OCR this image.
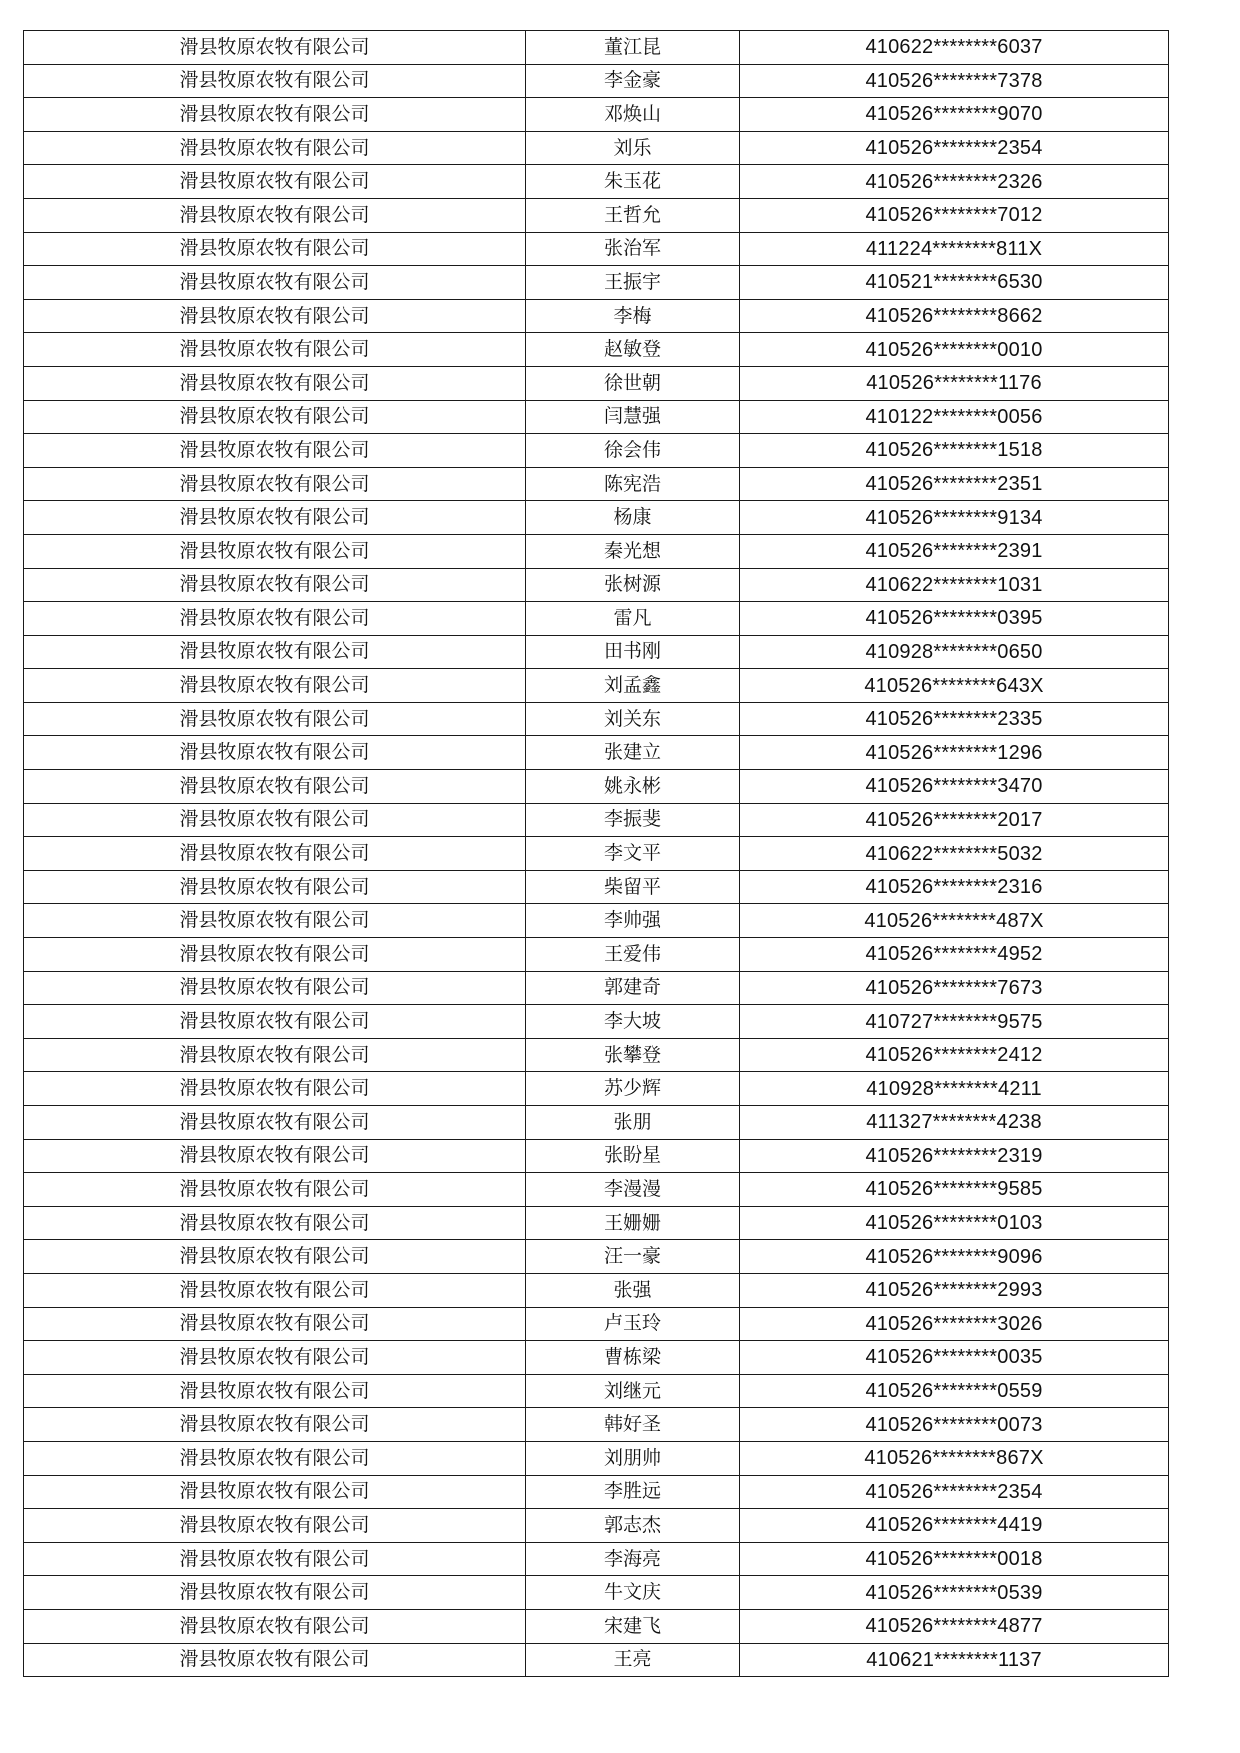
滑县牧原农牧有限公司	董江昆	410622********6037
滑县牧原农牧有限公司	李金豪	410526********7378
滑县牧原农牧有限公司	邓焕山	410526********9070
滑县牧原农牧有限公司	刘乐	410526********2354
滑县牧原农牧有限公司	朱玉花	410526********2326
滑县牧原农牧有限公司	王哲允	410526********7012
滑县牧原农牧有限公司	张治军	411224********811X
滑县牧原农牧有限公司	王振宇	410521********6530
滑县牧原农牧有限公司	李梅	410526********8662
滑县牧原农牧有限公司	赵敏登	410526********0010
滑县牧原农牧有限公司	徐世朝	410526********1176
滑县牧原农牧有限公司	闫慧强	410122********0056
滑县牧原农牧有限公司	徐会伟	410526********1518
滑县牧原农牧有限公司	陈宪浩	410526********2351
滑县牧原农牧有限公司	杨康	410526********9134
滑县牧原农牧有限公司	秦光想	410526********2391
滑县牧原农牧有限公司	张树源	410622********1031
滑县牧原农牧有限公司	雷凡	410526********0395
滑县牧原农牧有限公司	田书刚	410928********0650
滑县牧原农牧有限公司	刘孟鑫	410526********643X
滑县牧原农牧有限公司	刘关东	410526********2335
滑县牧原农牧有限公司	张建立	410526********1296
滑县牧原农牧有限公司	姚永彬	410526********3470
滑县牧原农牧有限公司	李振斐	410526********2017
滑县牧原农牧有限公司	李文平	410622********5032
滑县牧原农牧有限公司	柴留平	410526********2316
滑县牧原农牧有限公司	李帅强	410526********487X
滑县牧原农牧有限公司	王爱伟	410526********4952
滑县牧原农牧有限公司	郭建奇	410526********7673
滑县牧原农牧有限公司	李大坡	410727********9575
滑县牧原农牧有限公司	张攀登	410526********2412
滑县牧原农牧有限公司	苏少辉	410928********4211
滑县牧原农牧有限公司	张朋	411327********4238
滑县牧原农牧有限公司	张盼星	410526********2319
滑县牧原农牧有限公司	李漫漫	410526********9585
滑县牧原农牧有限公司	王姗姗	410526********0103
滑县牧原农牧有限公司	汪一豪	410526********9096
滑县牧原农牧有限公司	张强	410526********2993
滑县牧原农牧有限公司	卢玉玲	410526********3026
滑县牧原农牧有限公司	曹栋梁	410526********0035
滑县牧原农牧有限公司	刘继元	410526********0559
滑县牧原农牧有限公司	韩好圣	410526********0073
滑县牧原农牧有限公司	刘朋帅	410526********867X
滑县牧原农牧有限公司	李胜远	410526********2354
滑县牧原农牧有限公司	郭志杰	410526********4419
滑县牧原农牧有限公司	李海亮	410526********0018
滑县牧原农牧有限公司	牛文庆	410526********0539
滑县牧原农牧有限公司	宋建飞	410526********4877
滑县牧原农牧有限公司	王亮	410621********1137
